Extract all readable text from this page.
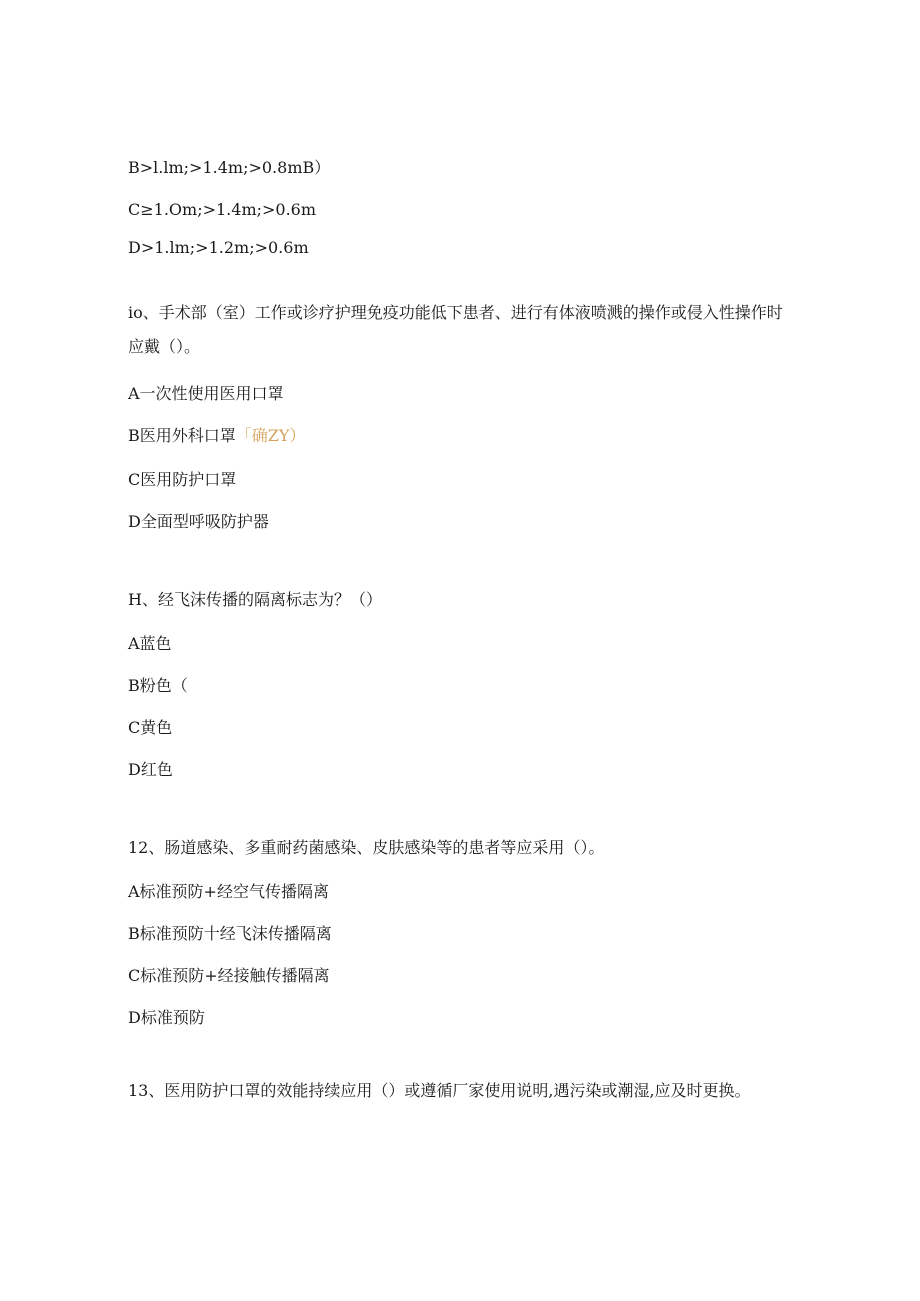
B>l.lm;>1.4m;>0.8mB）
C≥1.Om;>1.4m;>0.6m
D>1.lm;>1.2m;>0.6m
io、手术部（室）工作或诊疗护理免疫功能低下患者、进行有体液喷溅的操作或侵入性操作时应戴（）。
A一次性使用医用口罩
B医用外科口罩「确ZY）
C医用防护口罩
D全面型呼吸防护器
H、经飞沫传播的隔离标志为？（）
A蓝色
B粉色（
C黄色
D红色
12、肠道感染、多重耐药菌感染、皮肤感染等的患者等应采用（）。
A标准预防+经空气传播隔离
B标准预防十经飞沫传播隔离
C标准预防+经接触传播隔离
D标准预防
13、医用防护口罩的效能持续应用（）或遵循厂家使用说明,遇污染或潮湿,应及时更换。
